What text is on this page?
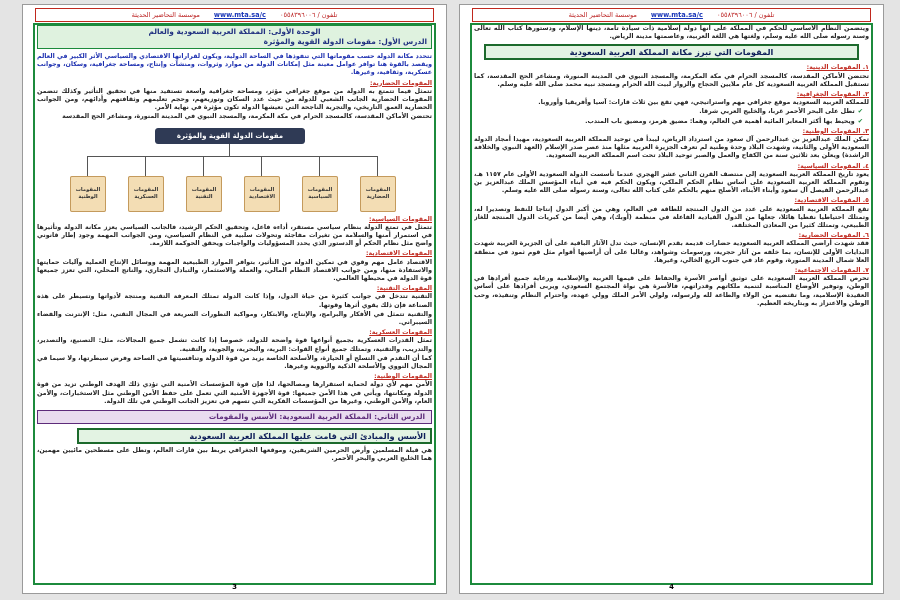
تلفون / ٠٥٥٨٣٩٦٠٠٦
www.mta.sa/c
موسسة التحاضير الحديثة
الوحدة الأولى: المملكة العربية السعودية والعالم
الدرس الأول: مقومات الدولة القوية والمؤثرة

تتحدد مكانة الدولة حسب مقوماتها التي تنفوذها في الساحة الدولية، ويكون لقراراتها الاقتصادي والسياسي الأثر الكبير في العالم ويقصد بالقوة هنا توافر عوامل معينة مثل إمكانات الدولة من موارد وثروات، ومنشآت وإنتاج، ومساحة جغرافية، وسكان، وجوانب عسكرية، وثقافية، وغيرها.

المقومات الحضارية:

تتمثل فيما تتمتع به الدولة من موقع جغرافي مؤثر، ومساحة جغرافية واسعة تستفيد منها في تحقيق التأثير وكذلك تتضمن المقومات الحضارية الجانب الشعبي للدولة من حيث عدد السكان وتوزيعهم، وحجم تعليمهم وثقافتهم وأدائهم، ومن الجوانب الحضارية العمق التاريخي، والتجربة الناجحة التي تعيشها الدولة تكون مؤثرة في نهاية الأمر.

تحتضن الأماكن المقدسة، كالمسجد الحرام في مكة المكرمة، والمسجد النبوي في المدينة المنورة، ومشاعر الحج المقدسة

مقومات الدولة القوية والمؤثرة
المقومات الحضارية
المقومات السياسية
المقومات الاقتصادية
المقومات التقنية
المقومات العسكرية
المقومات الوطنية
المقومات السياسية:

تتمثل في تمتع الدولة بنظام سياسي مستقر، أداءه فاعل، وتحقيق الحكم الرشيد، فالجانب السياسي يعزز مكانة الدولة وتأثيرها في استمرار أمنها والسلامة من تغيرات مفاجئة وتحولات سلبية في النظام السياسي، ومن الجوانب المهمة وجود إطار قانوني واضح مثل نظام الحكم أو الدستور الذي يحدد المسؤوليات والواجبات ويحقق الحوكمة اللازمة.

المقومات الاقتصادية:

الاقتصاد عامل مهم وقوي في تمكين الدولة من التأثير، بتوافر الموارد الطبيعية المهمة ووسائل الإنتاج العملية وآليات حمايتها والاستفادة منها، ومن جوانب الاقتصاد النظام المالي، والعملة والاستثمار، والتبادل التجاري، والناتج المحلي، التي تعزز جميعها قوة الدولة في محيطها العالمي.

المقومات التقنية:

التقنية تتدخل في جوانب كثيرة من حياة الدول، وإذا كانت الدولة تمتلك المعرفة التقنية ومنتجة لأدواتها وتسيطر على هذه الصناعة فإن ذلك يقوي أثرها وقوتها.

والتقنية تتمثل في الأفكار والبرامج، والإنتاج، والابتكار، ومواكبة التطورات السريعة في المجال التقني، مثل: الإنترنت والفضاء السيبراني.

المقومات العسكرية:

تمثل القدرات العسكرية بجميع أنواعها قوة واضحة للدولة، خصوصا إذا كانت تشمل جميع المجالات، مثل: التصنيع، والتصدير، والتدريب، والتقنية، وتمتلك جميع أنواع القوات: البرية، والبحرية، والجوية، والتقنية.

كما أن التقدم في التسلح أو الحيازة، والأسلحة الخاصة يزيد من قوة الدولة وتنافسيتها في الساحة وفرض سيطرتها، ولا سيما في المجال النووي والأسلحة الذكية والنووية وغيرها.

المقومات الوطنية:

الأمن مهم لأي دولة لحماية استقرارها ومصالحها، لذا فإن قوة المؤسسات الأمنية التي تؤدي ذلك الهدف الوطني تزيد من قوة الدولة ومكانتها، ويأتي في هذا الأمن جميعها: قوة الأجهزة الأمنية التي تعمل على حفظ الأمن الوطني مثل الاستخبارات، والأمن العام، والأمن الوطني، وغيرها من المؤسسات الفكرية التي تسهم في تعزيز الجانب الوطني في تلك الدولة.

الدرس الثاني: المملكة العربية السعودية: الأسس والمقومات
الأسس والمبادئ التي قامت عليها المملكة العربية السعودية

هي قبلة المسلمين وأرض الحرمين الشريفين، وموقعها الجغرافي يربط بين قارات العالم، وتطل على مسطحين مائيين مهمين، هما الخليج العربي والبحر الأحمر.

3
تلفون / ٠٥٥٨٣٩٦٠٠٦
www.mta.sa/c
موسسة التحاضير الحديثة

ويتضمن النظام الأساسي للحكم في المملكة على أنها دولة إسلامية ذات سيادة تامة، دينها الإسلام، ودستورها كتاب الله تعالى وسنة رسوله صلى الله عليه وسلم، ولغتها هي اللغة العربية، وعاصمتها مدينة الرياض.

المقومات التي تبرز مكانة المملكة العربية السعودية
١. المقومات الدينية:

تحتضن الأماكن المقدسة، كالمسجد الحرام في مكة المكرمة، والمسجد النبوي في المدينة المنورة، ومشاعر الحج المقدسة، كما تستقبل المملكة العربية السعودية كل عام ملايين الحجاج والزوار لبيت الله الحرام ومسجد نبيه محمد صلى الله عليه وسلم.

٢. المقومات الجغرافية:

للمملكة العربية السعودية موقع جغرافي مهم واستراتيجي، فهي تقع بين ثلاث قارات: آسيا وأفريقيا وأوروبا.

✔تطل على البحر الأحمر غربا، والخليج العربي شرقا.
✔ويحيط بها أكثر المعابر المائية أهمية في العالم، وهما: مضيق هرمز، ومضيق باب المندب.
٣. المقومات الوطنية:

تمكن الملك عبدالعزيز بن عبدالرحمن آل سعود من استرداد الرياض، ليبدأ في توحيد المملكة العربية السعودية، مهيدا أمجاد الدولة السعودية الأولى والثانية، وشهدت البلاد وحدة وطنية لم تعرف الجزيرة العربية مثلها منذ عصر صدر الإسلام (العهد النبوي والخلافة الراشدة) ويعلن بعد ثلاثين سنة من الكفاح والعمل والصبر توحيد البلاد تحت اسم المملكة العربية السعودية.

٤. المقومات السياسية:

يعود تاريخ المملكة العربية السعودية إلى منتصف القرن الثاني عشر الهجري عندما تأسست الدولة السعودية الأولى عام ١١٥٧ هـ، وتقوم المملكة العربية السعودية على أساس نظام الحكم الملكي، ويكون الحكم فيه في أبناء المؤسس الملك عبدالعزيز بن عبدالرحمن الفيصل آل سعود وأبناء الأبناء، الأصلح منهم بالحكم على كتاب الله تعالى، وسنة رسوله صلى الله عليه وسلم.

٥. المقومات الاقتصادية:

تقع المملكة العربية السعودية على عدد من الدول المنتجة للطاقة في العالم، وهي من أكبر الدول إنتاجا للنفط وتصديرا له، وتمتلك احتياطيا نفطيا هائلا، جعلها من الدول القيادية الفاعلة في منظمة (أوبك)، وهي أيضا من كبريات الدول المنتجة للغاز الطبيعي، وتمتلك كثيرا من المعادن المختلفة.

٦. المقومات الحضارية:

فقد شهدت أراضي المملكة العربية السعودية حضارات قديمة بقدم الإنسان، حيث تدل الآثار الباقية على أن الجزيرة العربية شهدت البدايات الأولى للإنسان، بما خلفه من آثار حجرية، ورسومات وشواهد، وغالبا على أن أراضيها أقوام مثل قوم ثمود في منطقة العلا شمال المدينة المنورة، وقوم عاد في جنوب الربع الخالي، وغيرها.

٧. المقومات الاجتماعية:

تحرص المملكة العربية السعودية على توثيق أواصر الأسرة والحفاظ على قيمها العربية والإسلامية ورعاية جميع أفرادها في الوطن، وتوفير الأوضاع المناسبة لتنمية ملكاتهم وقدراتهم، فالأسرة هي نواة المجتمع السعودي، ويربى أفرادها على أساس العقيدة الإسلامية، وما تقتضيه من الولاء والطاعة لله ولرسوله، ولولي الأمر الملك وولي عهده، واحترام النظام وتنفيذه، وحب الوطن والاعتزاز به وبتاريخه العظيم.

4
